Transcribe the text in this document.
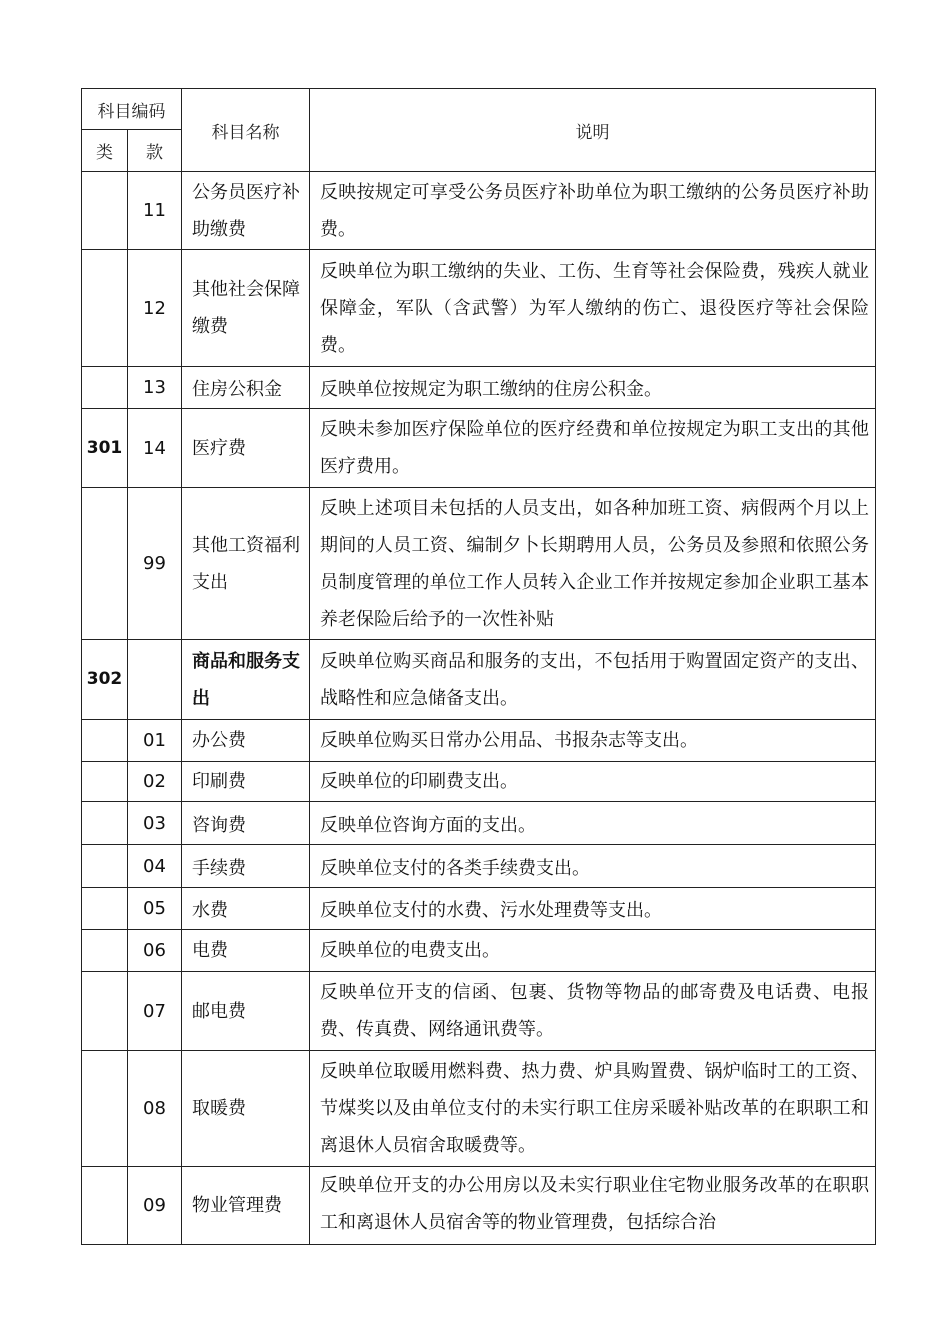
科目编码		科目名称	说明
类	款		
	11	公务员医疗补助缴费	反映按规定可享受公务员医疗补助单位为职工缴纳的公务员医疗补助费。
	12	其他社会保障缴费	反映单位为职工缴纳的失业、工伤、生育等社会保险费，残疾人就业保障金，军队（含武警）为军人缴纳的伤亡、退役医疗等社会保险费。
	13	住房公积金	反映单位按规定为职工缴纳的住房公积金。
301	14	医疗费	反映未参加医疗保险单位的医疗经费和单位按规定为职工支出的其他医疗费用。
	99	其他工资福利支出	反映上述项目未包括的人员支出，如各种加班工资、病假两个月以上期间的人员工资、编制夕卜长期聘用人员，公务员及参照和依照公务员制度管理的单位工作人员转入企业工作并按规定参加企业职工基本养老保险后给予的一次性补贴
302		商品和服务支出	反映单位购买商品和服务的支出，不包括用于购置固定资产的支出、战略性和应急储备支出。
	01	办公费	反映单位购买日常办公用品、书报杂志等支出。
	02	印刷费	反映单位的印刷费支出。
	03	咨询费	反映单位咨询方面的支出。
	04	手续费	反映单位支付的各类手续费支出。
	05	水费	反映单位支付的水费、污水处理费等支出。
	06	电费	反映单位的电费支出。
	07	邮电费	反映单位开支的信函、包裹、货物等物品的邮寄费及电话费、电报费、传真费、网络通讯费等。
	08	取暖费	反映单位取暖用燃料费、热力费、炉具购置费、锅炉临时工的工资、节煤奖以及由单位支付的未实行职工住房采暖补贴改革的在职职工和离退休人员宿舍取暖费等。
	09	物业管理费	反映单位开支的办公用房以及未实行职业住宅物业服务改革的在职职工和离退休人员宿舍等的物业管理费，包括综合治
